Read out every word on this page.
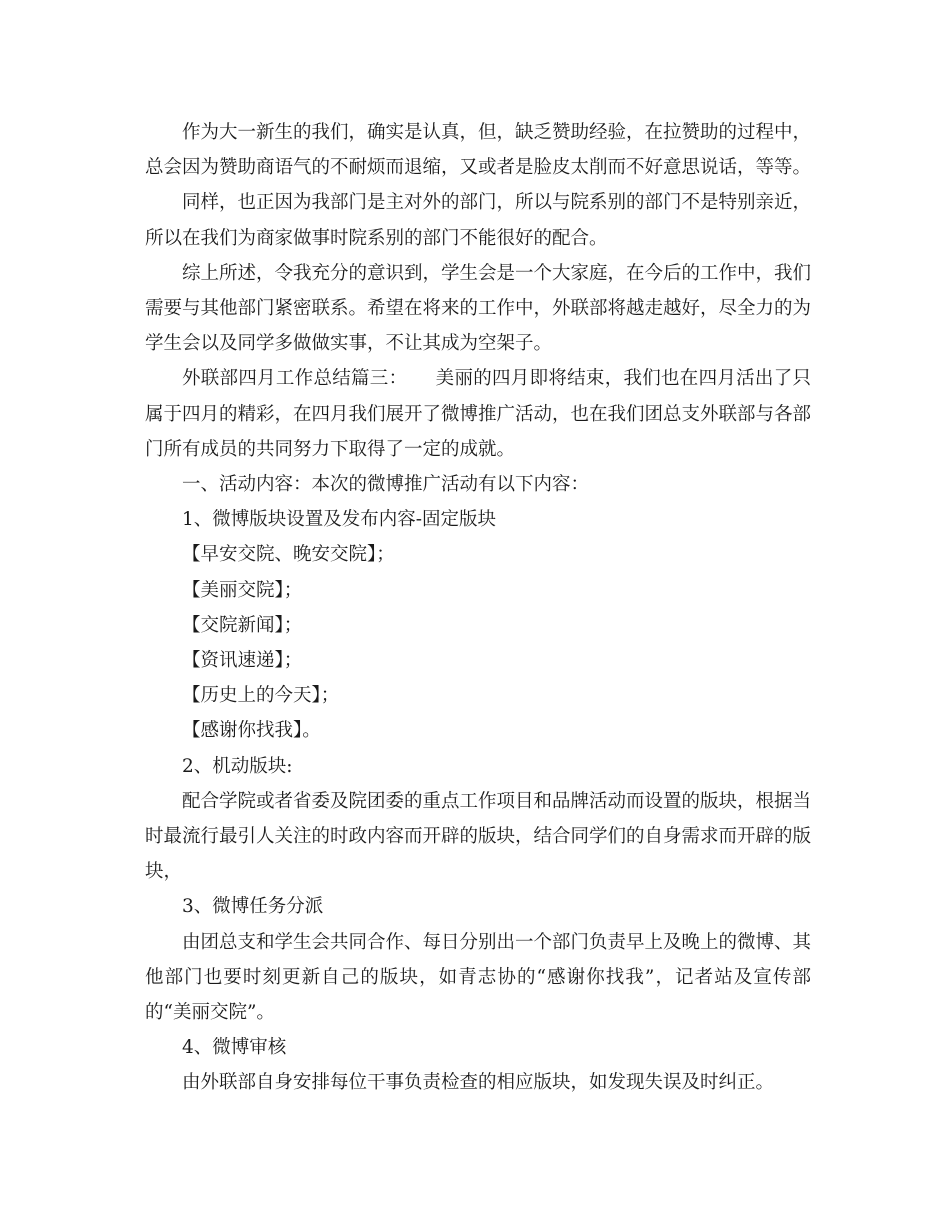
作为大一新生的我们，确实是认真，但，缺乏赞助经验，在拉赞助的过程中，总会因为赞助商语气的不耐烦而退缩，又或者是脸皮太削而不好意思说话，等等。

同样，也正因为我部门是主对外的部门，所以与院系别的部门不是特别亲近，所以在我们为商家做事时院系别的部门不能很好的配合。

综上所述，令我充分的意识到，学生会是一个大家庭，在今后的工作中，我们需要与其他部门紧密联系。希望在将来的工作中，外联部将越走越好，尽全力的为学生会以及同学多做做实事，不让其成为空架子。

外联部四月工作总结篇三：　　美丽的四月即将结束，我们也在四月活出了只属于四月的精彩，在四月我们展开了微博推广活动，也在我们团总支外联部与各部门所有成员的共同努力下取得了一定的成就。

一、活动内容：本次的微博推广活动有以下内容：

1、微博版块设置及发布内容-固定版块

【早安交院、晚安交院】；

【美丽交院】；

【交院新闻】；

【资讯速递】；

【历史上的今天】；

【感谢你找我】。

2、机动版块:

配合学院或者省委及院团委的重点工作项目和品牌活动而设置的版块，根据当时最流行最引人关注的时政内容而开辟的版块，结合同学们的自身需求而开辟的版块，

3、微博任务分派

由团总支和学生会共同合作、每日分别出一个部门负责早上及晚上的微博、其他部门也要时刻更新自己的版块，如青志协的“感谢你找我”，记者站及宣传部的“美丽交院”。

4、微博审核

由外联部自身安排每位干事负责检查的相应版块，如发现失误及时纠正。
